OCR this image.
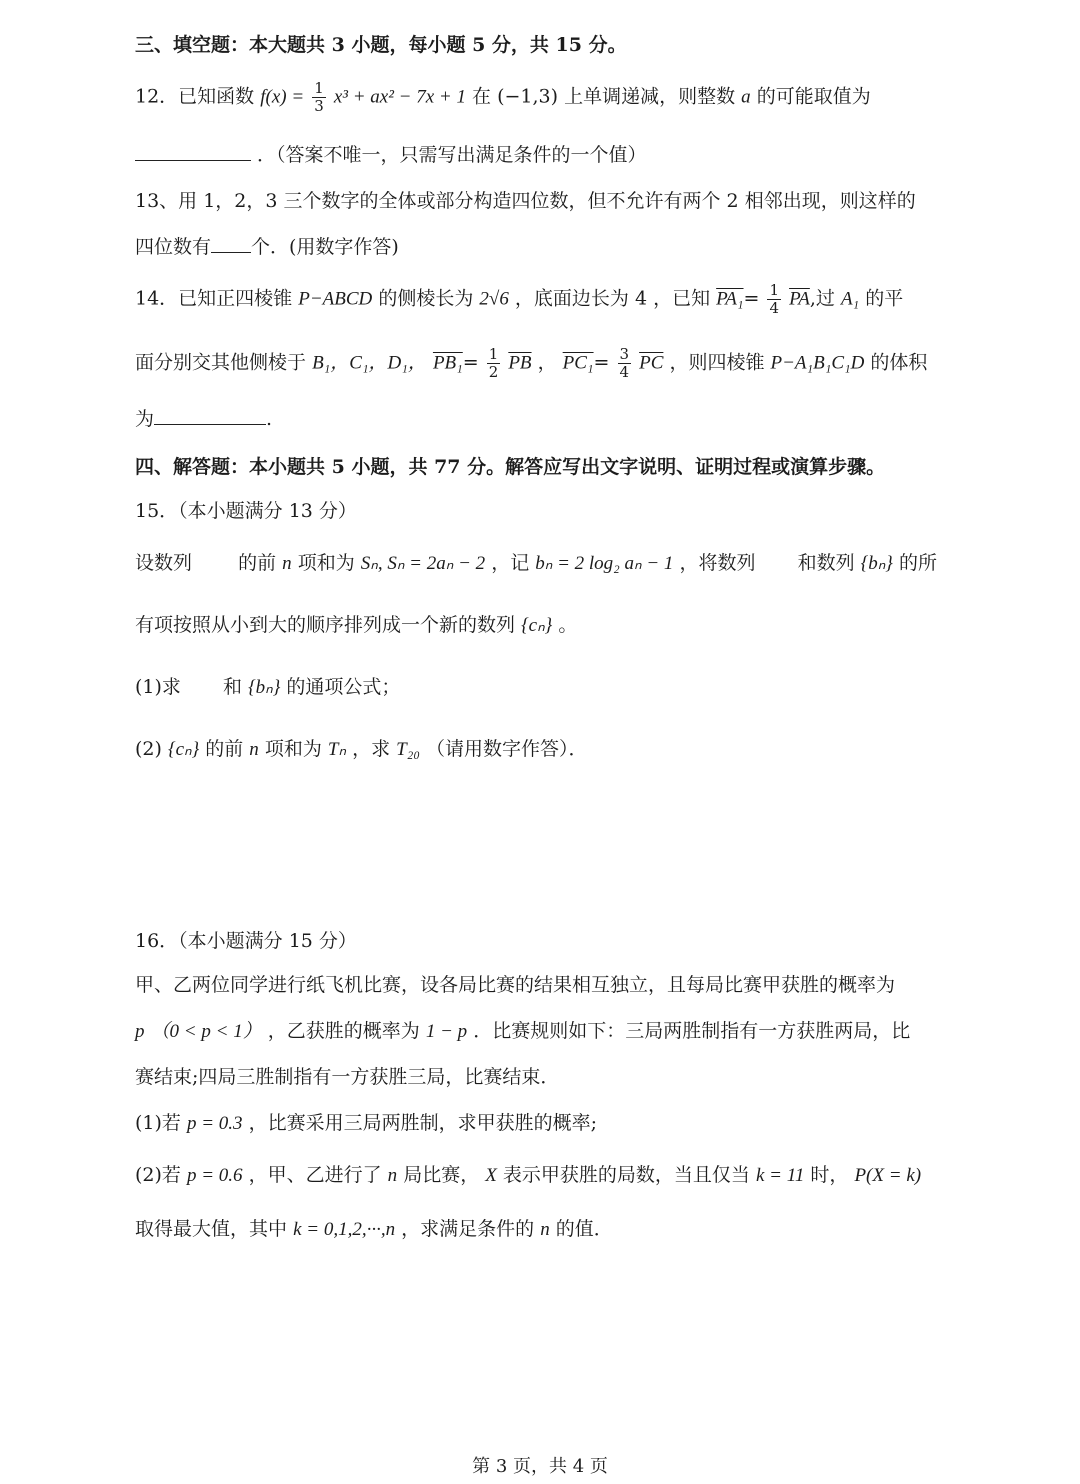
三、填空题：本大题共 3 小题，每小题 5 分，共 15 分。
12．已知函数 $f(x) = \frac{1}{3} x^3 + ax^2 - 7x + 1$ 在 (−1,3) 上单调递减，则整数 a 的可能取值为
．（答案不唯一，只需写出满足条件的一个值）
13、用 1，2，3 三个数字的全体或部分构造四位数，但不允许有两个 2 相邻出现，则这样的
四位数有 个．(用数字作答)
14．已知正四棱锥 P−ABCD 的侧棱长为 2√6 ，底面边长为 4 ，已知 $PA_1= \frac{1}{4} \overline{PA}$,过 A₁ 的平
面分别交其他侧棱于 B₁，C₁，D₁， $PB_1= \frac{1}{2} \overline{PB}$ ， $PC_1= \frac{3}{4} \overline{PC}$ ，则四棱锥 P−A₁B₁C₁D 的体积
为	.
四、解答题：本小题共 5 小题，共 77 分。解答应写出文字说明、证明过程或演算步骤。
15．（本小题满分 13 分）
设数列 的前 n 项和为 Sₙ, Sₙ = 2aₙ − 2 ，记 bₙ = 2 log₂ aₙ − 1 ，将数列 和数列 {bₙ} 的所
有项按照从小到大的顺序排列成一个新的数列 {cₙ} 。
(1)求 和 {bₙ} 的通项公式；
(2) {cₙ} 的前 n 项和为 Tₙ ，求 T₂₀ （请用数字作答）．
16．（本小题满分 15 分）
甲、乙两位同学进行纸飞机比赛，设各局比赛的结果相互独立，且每局比赛甲获胜的概率为
p （0 < p < 1） ，乙获胜的概率为 1 − p ．比赛规则如下：三局两胜制指有一方获胜两局，比
赛结束;四局三胜制指有一方获胜三局，比赛结束．
(1)若 p = 0.3 ，比赛采用三局两胜制，求甲获胜的概率;
(2)若 p = 0.6 ，甲、乙进行了 n 局比赛， X 表示甲获胜的局数，当且仅当 k = 11 时， P(X = k)
取得最大值，其中 k = 0,1,2,···,n ，求满足条件的 n 的值．
第 3 页，共 4 页
